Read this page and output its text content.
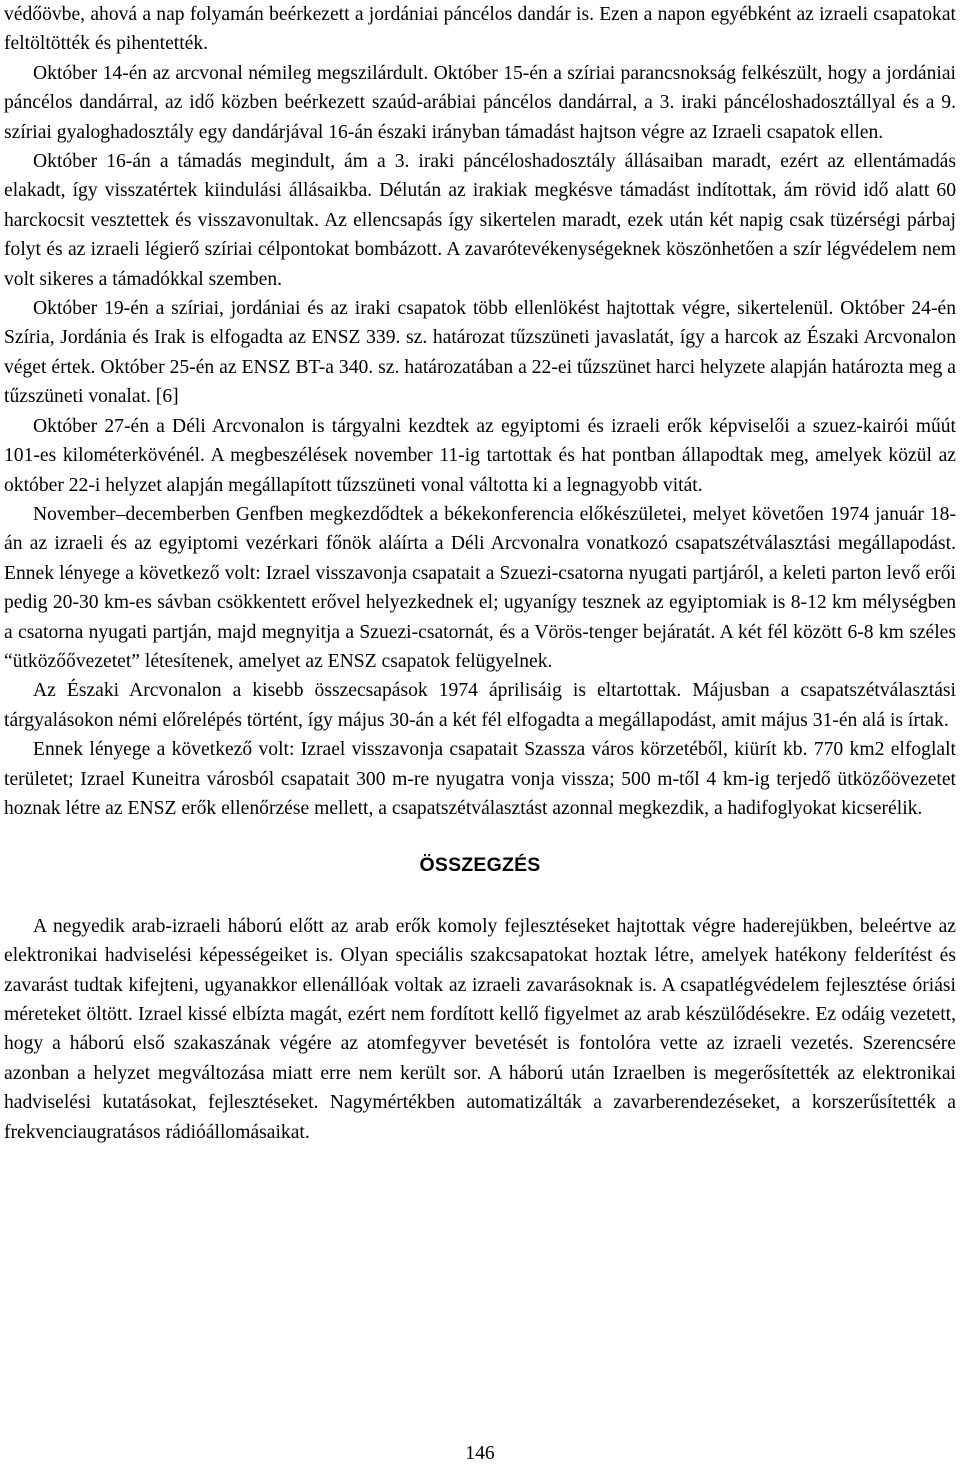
védőövbe, ahová a nap folyamán beérkezett a jordániai páncélos dandár is. Ezen a napon egyébként az izraeli csapatokat feltöltötték és pihentették.

Október 14-én az arcvonal némileg megszilárdult. Október 15-én a szíriai parancsnokság felkészült, hogy a jordániai páncélos dandárral, az idő közben beérkezett szaúd-arábiai páncélos dandárral, a 3. iraki páncéloshadosztállyal és a 9. szíriai gyaloghadosztály egy dandárjával 16-án északi irányban támadást hajtson végre az Izraeli csapatok ellen.

Október 16-án a támadás megindult, ám a 3. iraki páncéloshadosztály állásaiban maradt, ezért az ellentámadás elakadt, így visszatértek kiindulási állásaikba. Délután az irakiak megkésve támadást indítottak, ám rövid idő alatt 60 harckocsit vesztettek és visszavonultak. Az ellencsapás így sikertelen maradt, ezek után két napig csak tüzérségi párbaj folyt és az izraeli légierő szíriai célpontokat bombázott. A zavarótevékenységeknek köszönhetően a szír légvédelem nem volt sikeres a támadókkal szemben.

Október 19-én a szíriai, jordániai és az iraki csapatok több ellenlökést hajtottak végre, sikertelenül. Október 24-én Szíria, Jordánia és Irak is elfogadta az ENSZ 339. sz. határozat tűzszüneti javaslatát, így a harcok az Északi Arcvonalon véget értek. Október 25-én az ENSZ BT-a 340. sz. határozatában a 22-ei tűzszünet harci helyzete alapján határozta meg a tűzszüneti vonalat. [6]

Október 27-én a Déli Arcvonalon is tárgyalni kezdtek az egyiptomi és izraeli erők képviselői a szuez-kairói műút 101-es kilométerkövénél. A megbeszélések november 11-ig tartottak és hat pontban állapodtak meg, amelyek közül az október 22-i helyzet alapján megállapított tűzszüneti vonal váltotta ki a legnagyobb vitát.

November–decemberben Genfben megkezdődtek a békekonferencia előkészületei, melyet követően 1974 január 18-án az izraeli és az egyiptomi vezérkari főnök aláírta a Déli Arcvonalra vonatkozó csapatszétválasztási megállapodást. Ennek lényege a következő volt: Izrael visszavonja csapatait a Szuezi-csatorna nyugati partjáról, a keleti parton levő erői pedig 20-30 km-es sávban csökkentett erővel helyezkednek el; ugyanígy tesznek az egyiptomiak is 8-12 km mélységben a csatorna nyugati partján, majd megnyitja a Szuezi-csatornát, és a Vörös-tenger bejáratát. A két fél között 6-8 km széles “ütközőővezetet” létesítenek, amelyet az ENSZ csapatok felügyelnek.

Az Északi Arcvonalon a kisebb összecsapások 1974 áprilisáig is eltartottak. Májusban a csapatszétválasztási tárgyalásokon némi előrelépés történt, így május 30-án a két fél elfogadta a megállapodást, amit május 31-én alá is írtak.

Ennek lényege a következő volt: Izrael visszavonja csapatait Szassza város körzetéből, kiürít kb. 770 km2 elfoglalt területet; Izrael Kuneitra városból csapatait 300 m-re nyugatra vonja vissza; 500 m-től 4 km-ig terjedő ütközőövezetet hoznak létre az ENSZ erők ellenőrzése mellett, a csapatszétválasztást azonnal megkezdik, a hadifoglyokat kicserélik.

ÖSSZEGZÉS

A negyedik arab-izraeli háború előtt az arab erők komoly fejlesztéseket hajtottak végre haderejükben, beleértve az elektronikai hadviselési képességeiket is. Olyan speciális szakcsapatokat hoztak létre, amelyek hatékony felderítést és zavarást tudtak kifejteni, ugyanakkor ellenállóak voltak az izraeli zavarásoknak is. A csapatlégvédelem fejlesztése óriási méreteket öltött. Izrael kissé elbízta magát, ezért nem fordított kellő figyelmet az arab készülődésekre. Ez odáig vezetett, hogy a háború első szakaszának végére az atomfegyver bevetését is fontolóra vette az izraeli vezetés. Szerencsére azonban a helyzet megváltozása miatt erre nem került sor. A háború után Izraelben is megerősítették az elektronikai hadviselési kutatásokat, fejlesztéseket. Nagymértékben automatizálták a zavarberendezéseket, a korszerűsítették a frekvenciaugratásos rádióállomásaikat.

146
